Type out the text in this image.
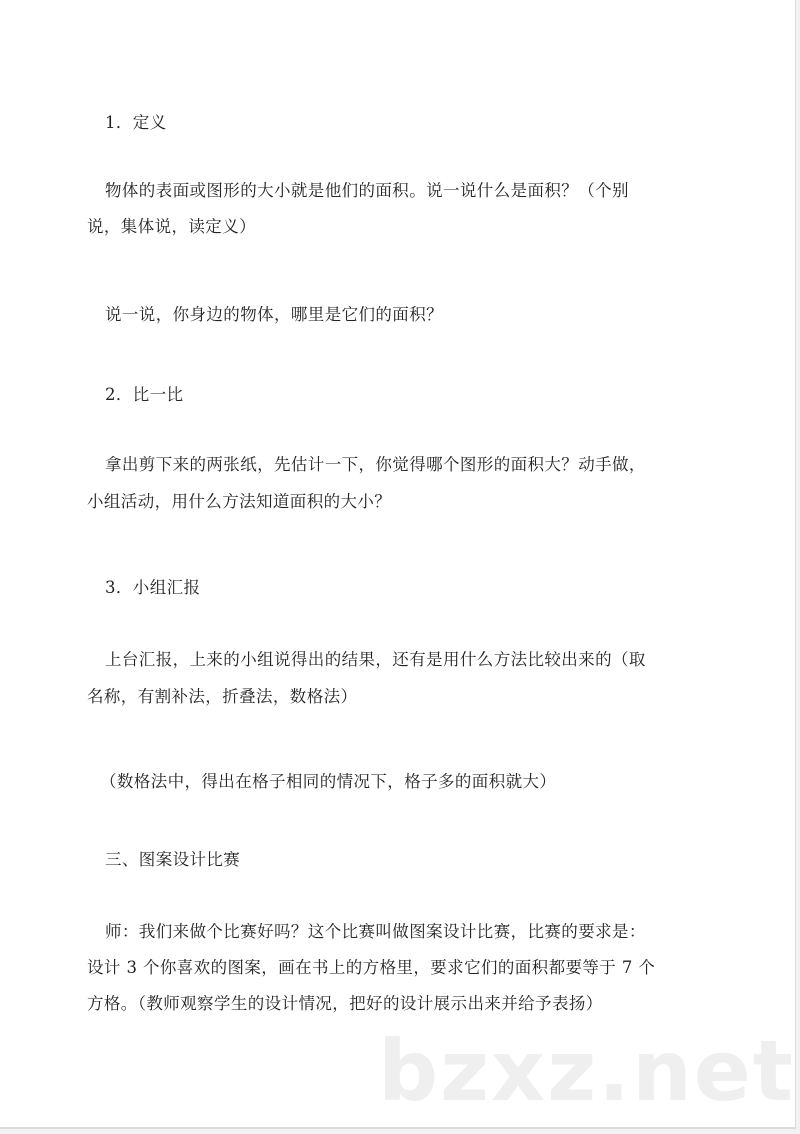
bzxz.net
1．定义
物体的表面或图形的大小就是他们的面积。说一说什么是面积？（个别
说，集体说，读定义）
说一说，你身边的物体，哪里是它们的面积？
2．比一比
拿出剪下来的两张纸，先估计一下，你觉得哪个图形的面积大？动手做，
小组活动，用什么方法知道面积的大小？
3．小组汇报
上台汇报，上来的小组说得出的结果，还有是用什么方法比较出来的（取
名称，有割补法，折叠法，数格法）
（数格法中，得出在格子相同的情况下，格子多的面积就大）
三、图案设计比赛
师：我们来做个比赛好吗？这个比赛叫做图案设计比赛，比赛的要求是：
设计 3 个你喜欢的图案，画在书上的方格里，要求它们的面积都要等于 7 个
方格。（教师观察学生的设计情况，把好的设计展示出来并给予表扬）
